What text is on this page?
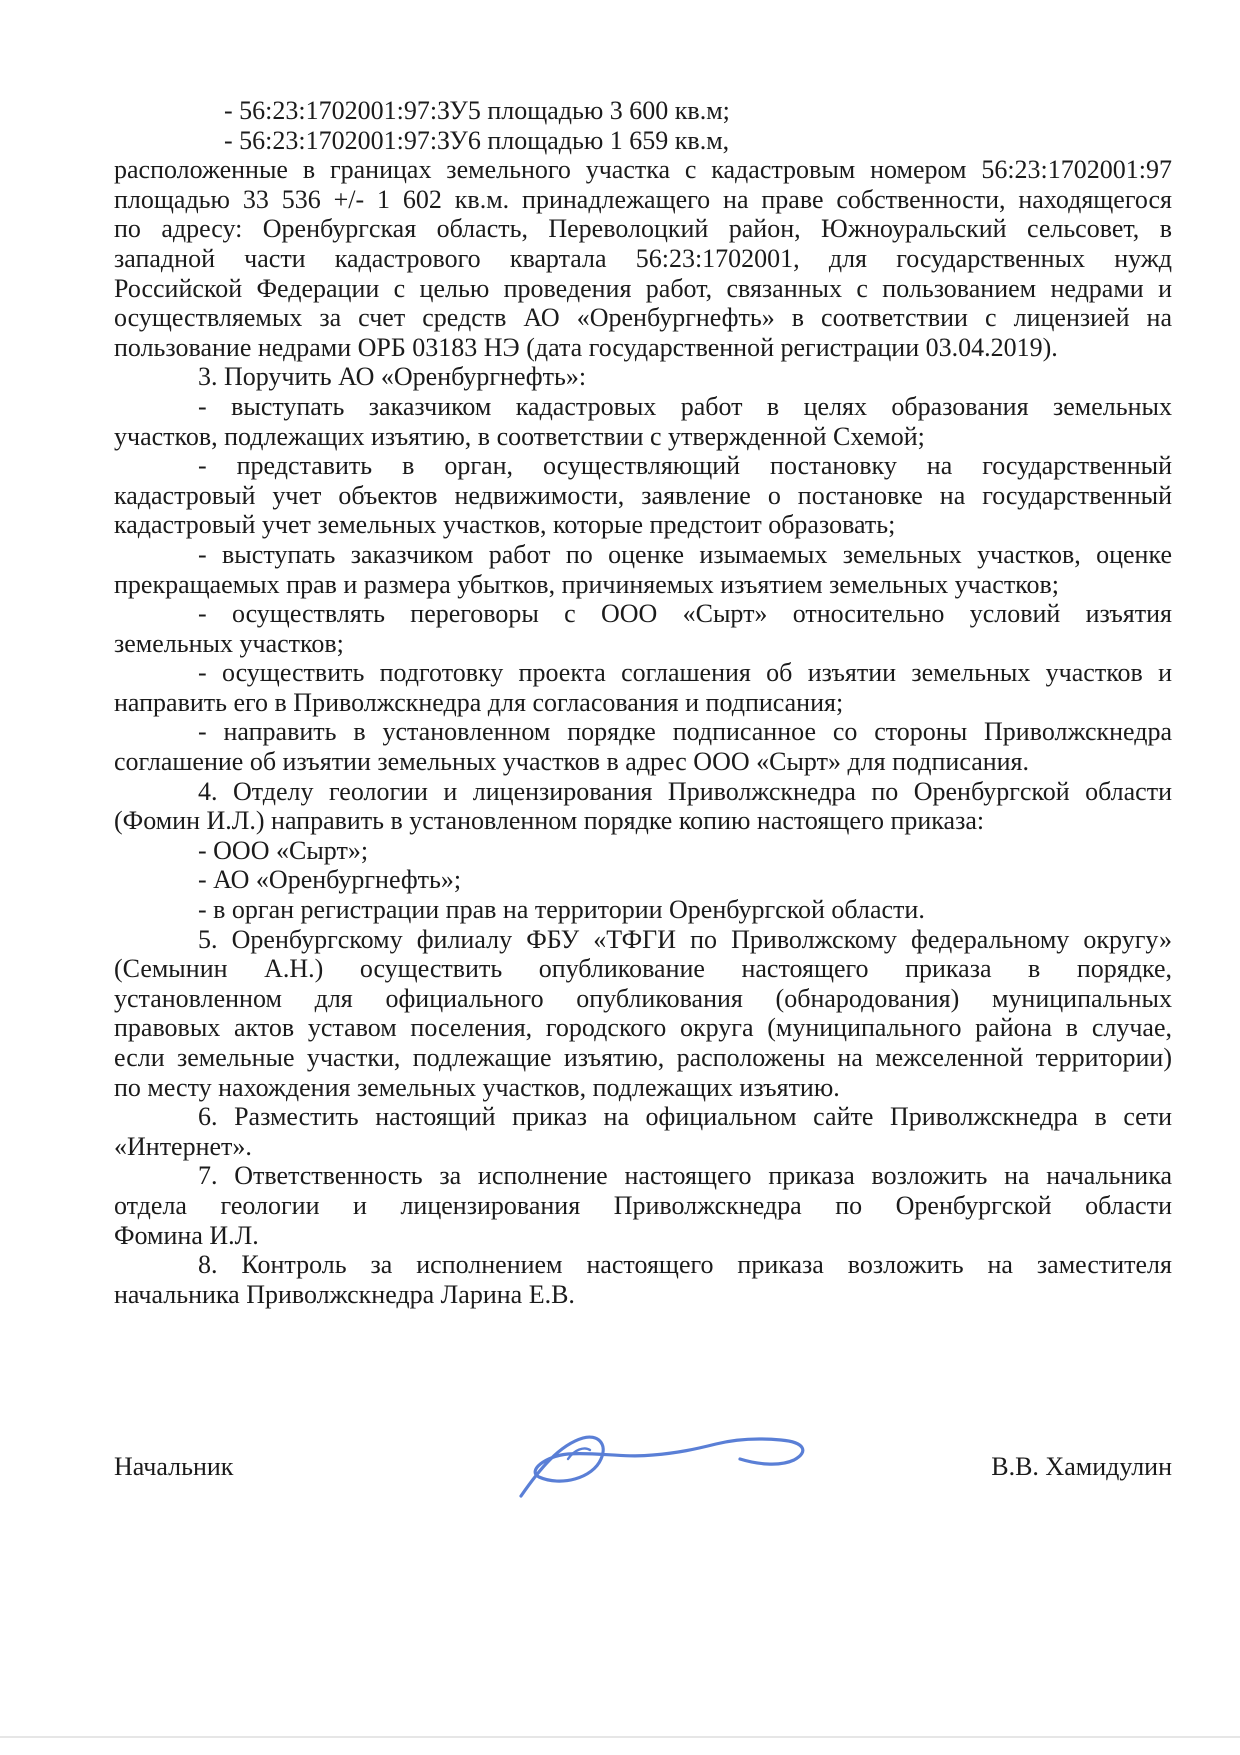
- 56:23:1702001:97:ЗУ5 площадью 3 600 кв.м;
- 56:23:1702001:97:ЗУ6 площадью 1 659 кв.м,
расположенные в границах земельного участка с кадастровым номером 56:23:1702001:97
площадью 33 536 +/- 1 602 кв.м. принадлежащего на праве собственности, находящегося
по адресу: Оренбургская область, Переволоцкий район, Южноуральский сельсовет, в
западной части кадастрового квартала 56:23:1702001, для государственных нужд
Российской Федерации с целью проведения работ, связанных с пользованием недрами и
осуществляемых за счет средств АО «Оренбургнефть» в соответствии с лицензией на
пользование недрами ОРБ 03183 НЭ (дата государственной регистрации 03.04.2019).
3. Поручить АО «Оренбургнефть»:
- выступать заказчиком кадастровых работ в целях образования земельных
участков, подлежащих изъятию, в соответствии с утвержденной Схемой;
- представить в орган, осуществляющий постановку на государственный
кадастровый учет объектов недвижимости, заявление о постановке на государственный
кадастровый учет земельных участков, которые предстоит образовать;
- выступать заказчиком работ по оценке изымаемых земельных участков, оценке
прекращаемых прав и размера убытков, причиняемых изъятием земельных участков;
- осуществлять переговоры с ООО «Сырт» относительно условий изъятия
земельных участков;
- осуществить подготовку проекта соглашения об изъятии земельных участков и
направить его в Приволжскнедра для согласования и подписания;
- направить в установленном порядке подписанное со стороны Приволжскнедра
соглашение об изъятии земельных участков в адрес ООО «Сырт» для подписания.
4. Отделу геологии и лицензирования Приволжскнедра по Оренбургской области
(Фомин И.Л.) направить в установленном порядке копию настоящего приказа:
- ООО «Сырт»;
- АО «Оренбургнефть»;
- в орган регистрации прав на территории Оренбургской области.
5. Оренбургскому филиалу ФБУ «ТФГИ по Приволжскому федеральному округу»
(Семынин А.Н.) осуществить опубликование настоящего приказа в порядке,
установленном для официального опубликования (обнародования) муниципальных
правовых актов уставом поселения, городского округа (муниципального района в случае,
если земельные участки, подлежащие изъятию, расположены на межселенной территории)
по месту нахождения земельных участков, подлежащих изъятию.
6. Разместить настоящий приказ на официальном сайте Приволжскнедра в сети
«Интернет».
7. Ответственность за исполнение настоящего приказа возложить на начальника
отдела геологии и лицензирования Приволжскнедра по Оренбургской области
Фомина И.Л.
8. Контроль за исполнением настоящего приказа возложить на заместителя
начальника Приволжскнедра Ларина Е.В.
Начальник	В.В. Хамидулин
